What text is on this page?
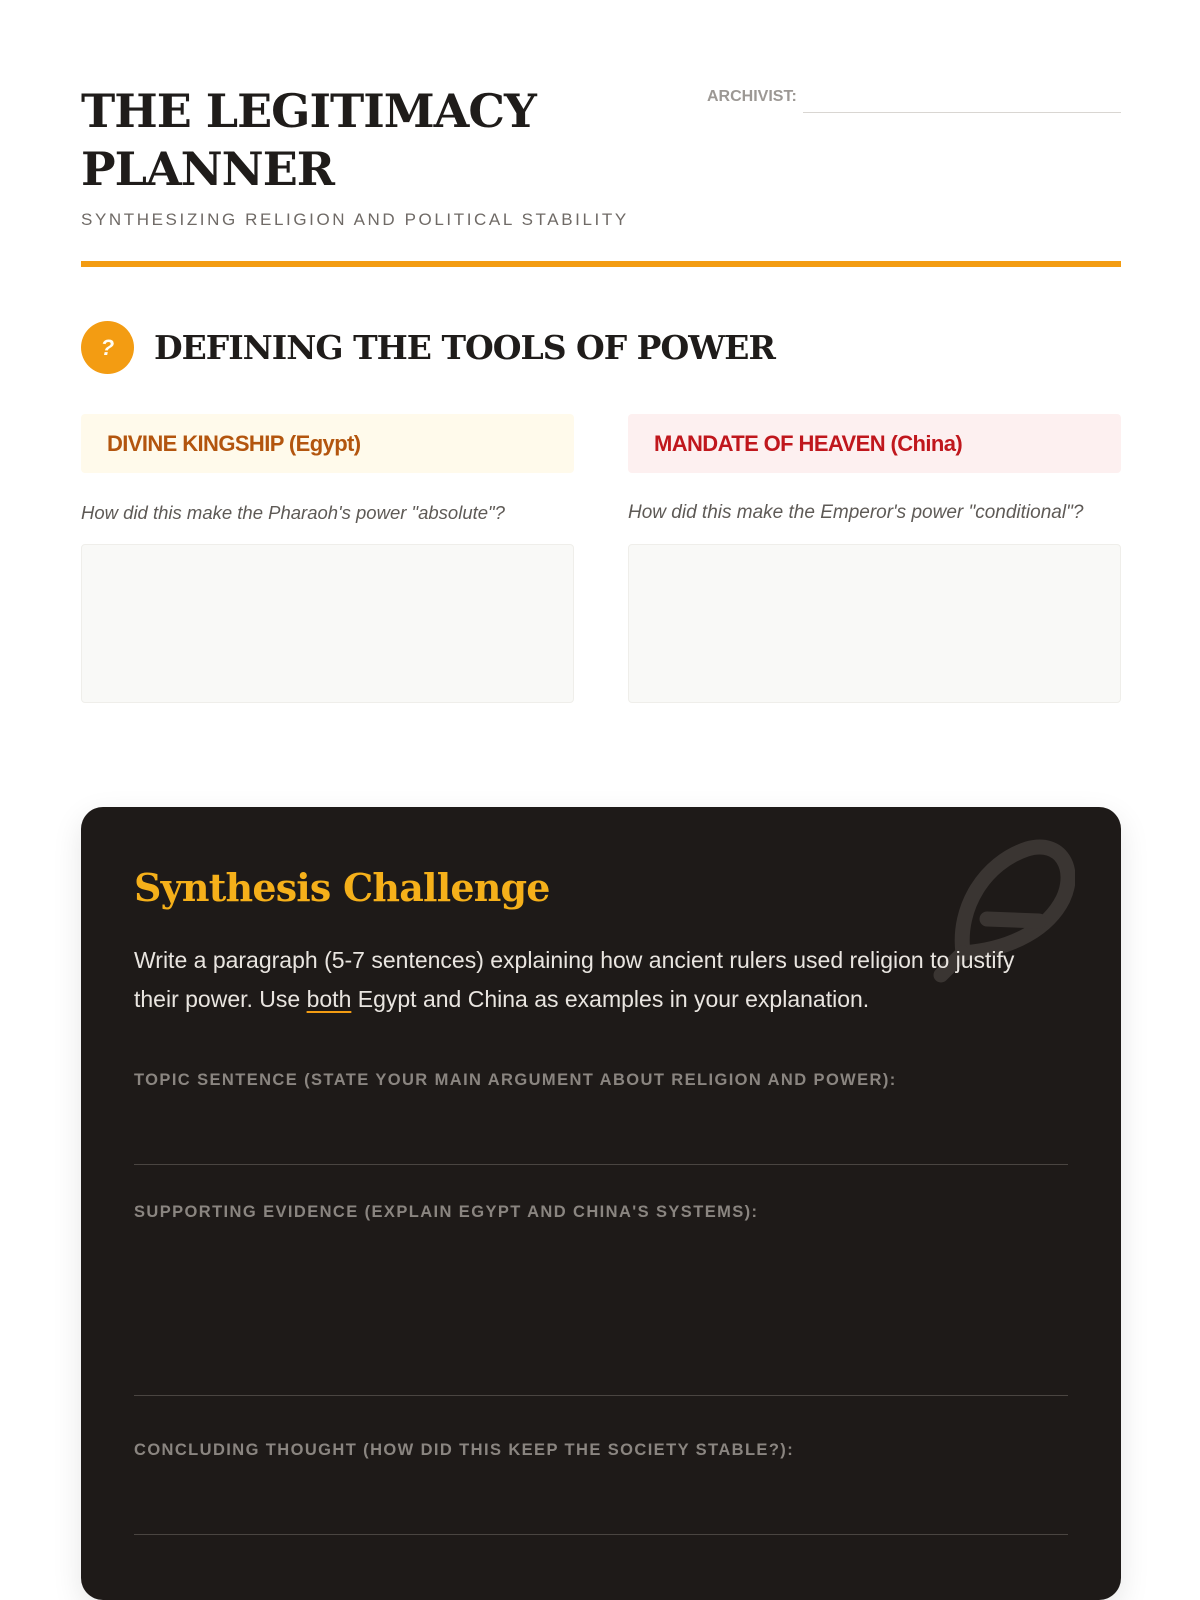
THE LEGITIMACY PLANNER
SYNTHESIZING RELIGION AND POLITICAL STABILITY
ARCHIVIST:
?	DEFINING THE TOOLS OF POWER
DIVINE KINGSHIP (Egypt)

How did this make the Pharaoh's power "absolute"?

MANDATE OF HEAVEN (China)

How did this make the Emperor's power "conditional"?

Synthesis Challenge

Write a paragraph (5-7 sentences) explaining how ancient rulers used religion to justify their power. Use both Egypt and China as examples in your explanation.

TOPIC SENTENCE (STATE YOUR MAIN ARGUMENT ABOUT RELIGION AND POWER):
SUPPORTING EVIDENCE (EXPLAIN EGYPT AND CHINA'S SYSTEMS):
CONCLUDING THOUGHT (HOW DID THIS KEEP THE SOCIETY STABLE?):
